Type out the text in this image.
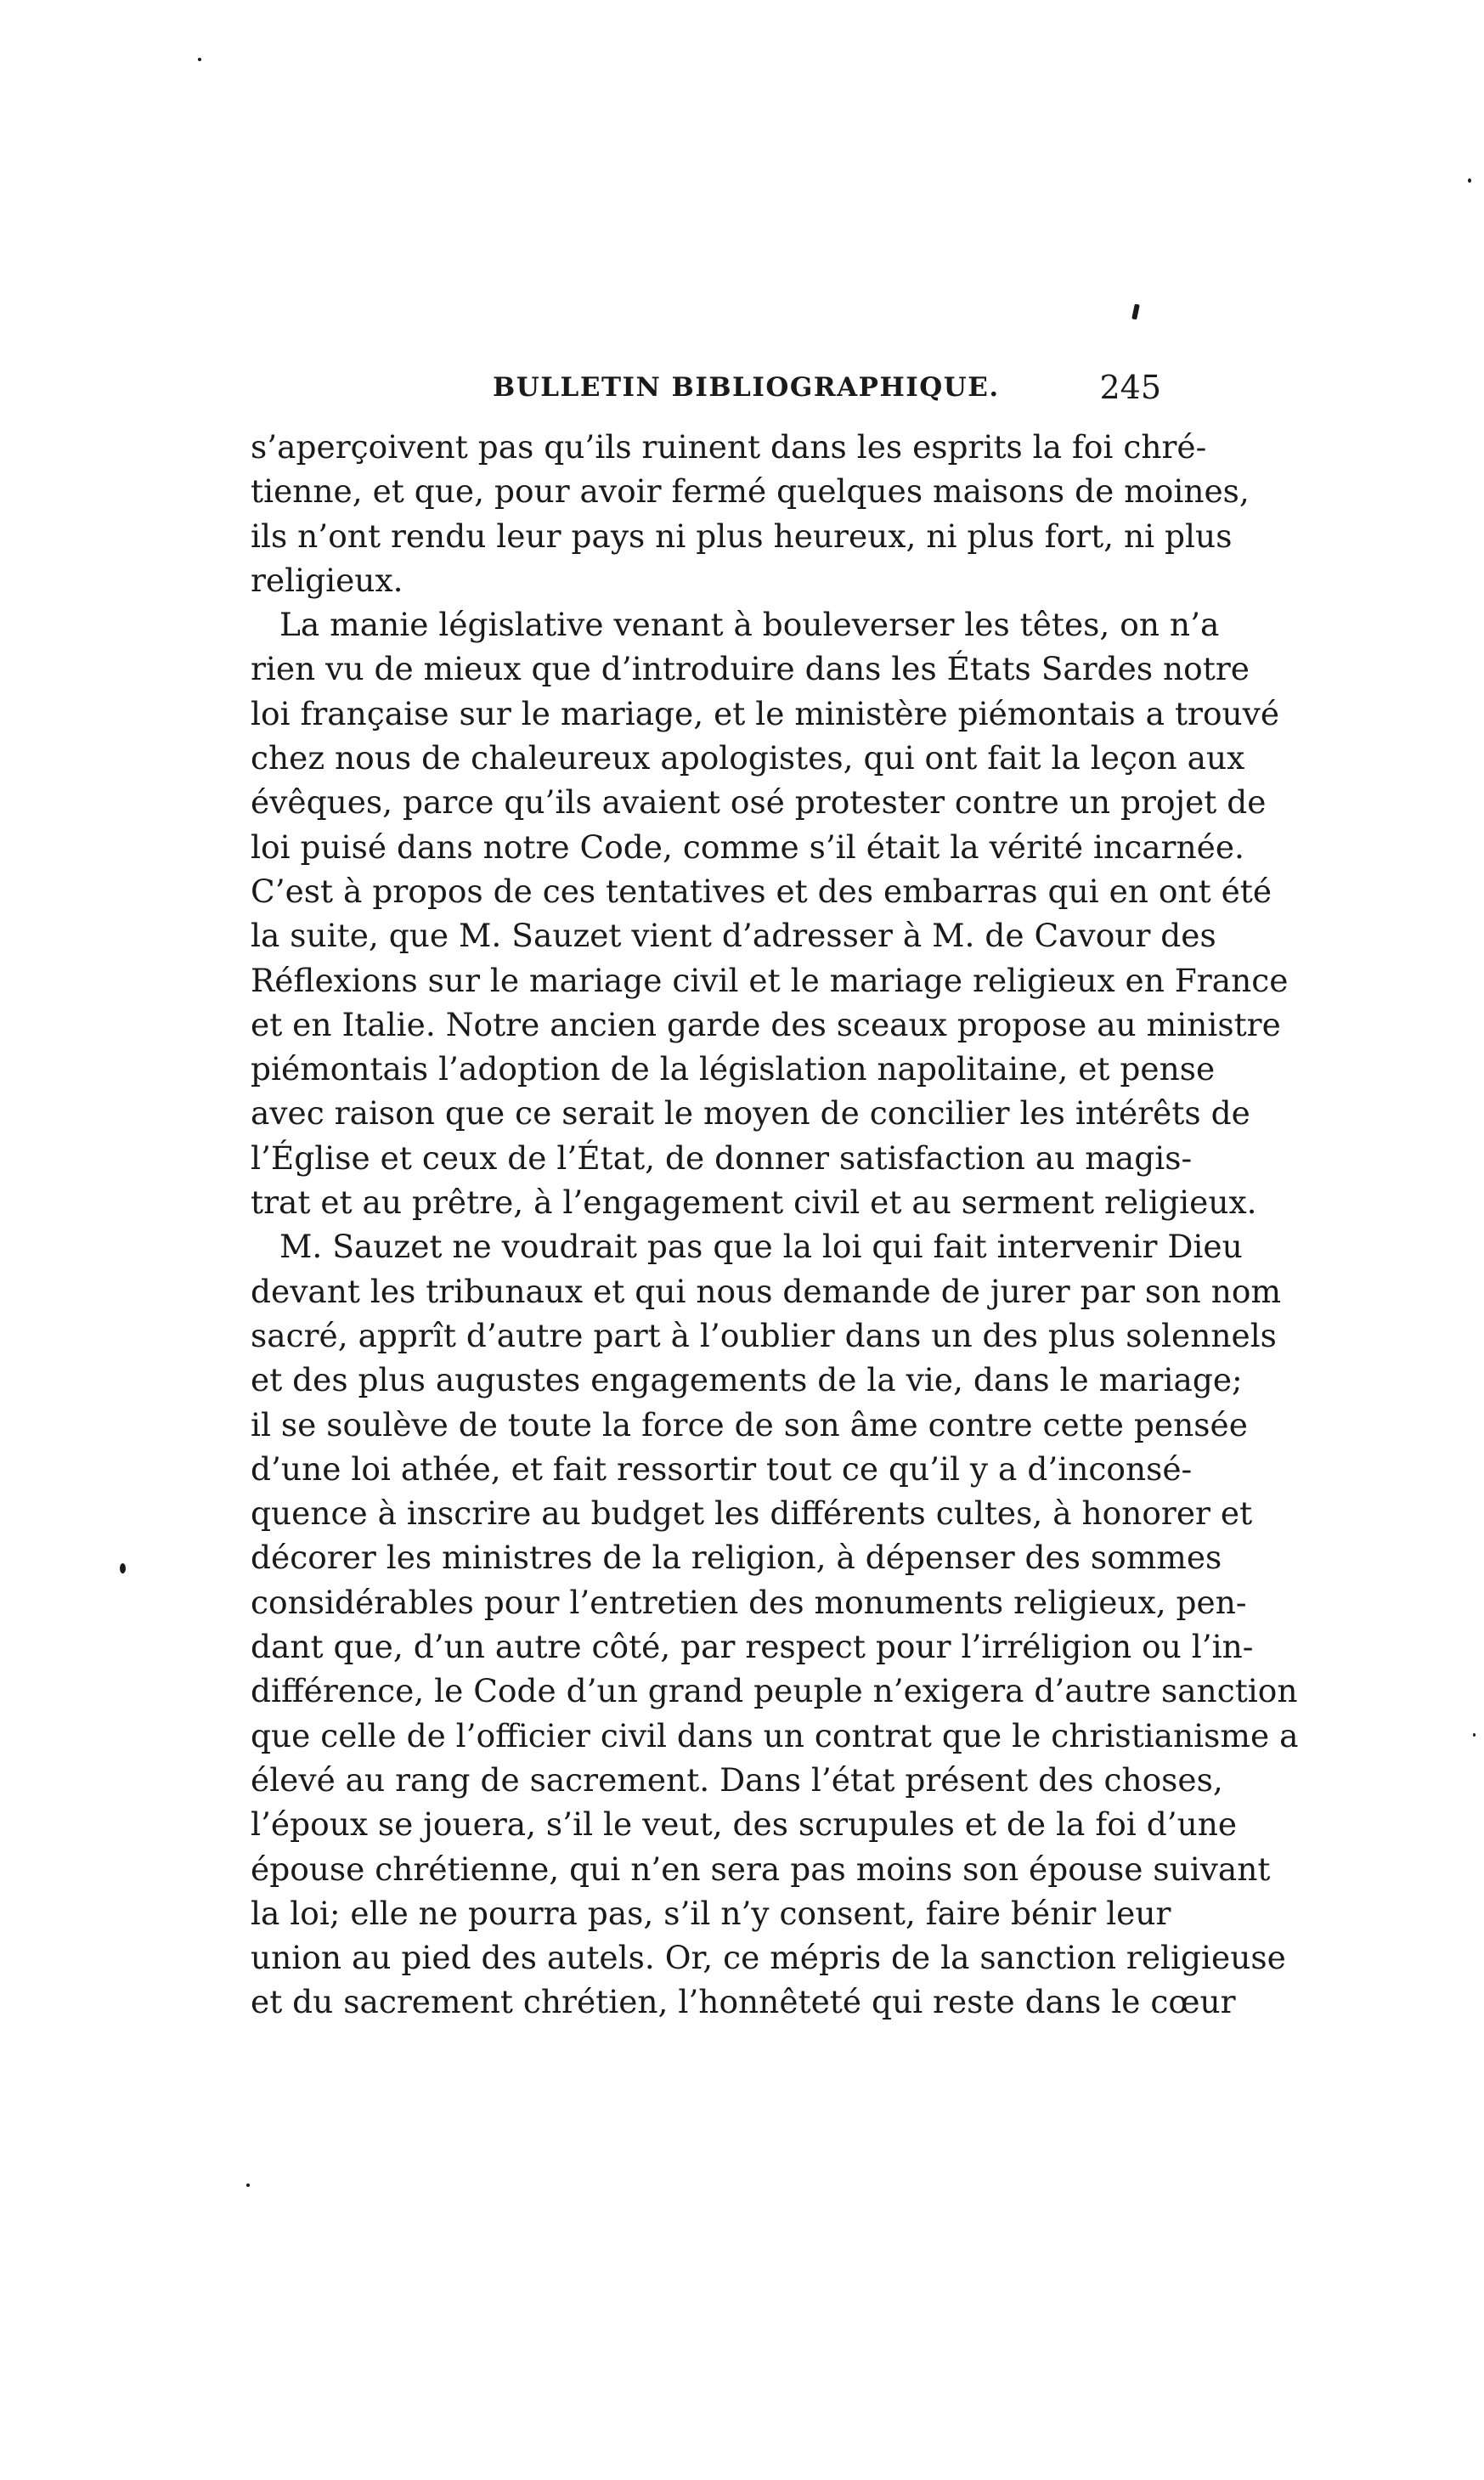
BULLETIN BIBLIOGRAPHIQUE.	245
s’aperçoivent pas qu’ils ruinent dans les esprits la foi chré-
tienne, et que, pour avoir fermé quelques maisons de moines,
ils n’ont rendu leur pays ni plus heureux, ni plus fort, ni plus
religieux.
La manie législative venant à bouleverser les têtes, on n’a
rien vu de mieux que d’introduire dans les États Sardes notre
loi française sur le mariage, et le ministère piémontais a trouvé
chez nous de chaleureux apologistes, qui ont fait la leçon aux
évêques, parce qu’ils avaient osé protester contre un projet de
loi puisé dans notre Code, comme s’il était la vérité incarnée.
C’est à propos de ces tentatives et des embarras qui en ont été
la suite, que M. Sauzet vient d’adresser à M. de Cavour des
Réflexions sur le mariage civil et le mariage religieux en France
et en Italie. Notre ancien garde des sceaux propose au ministre
piémontais l’adoption de la législation napolitaine, et pense
avec raison que ce serait le moyen de concilier les intérêts de
l’Église et ceux de l’État, de donner satisfaction au magis-
trat et au prêtre, à l’engagement civil et au serment religieux.
M. Sauzet ne voudrait pas que la loi qui fait intervenir Dieu
devant les tribunaux et qui nous demande de jurer par son nom
sacré, apprît d’autre part à l’oublier dans un des plus solennels
et des plus augustes engagements de la vie, dans le mariage;
il se soulève de toute la force de son âme contre cette pensée
d’une loi athée, et fait ressortir tout ce qu’il y a d’inconsé-
quence à inscrire au budget les différents cultes, à honorer et
décorer les ministres de la religion, à dépenser des sommes
considérables pour l’entretien des monuments religieux, pen-
dant que, d’un autre côté, par respect pour l’irréligion ou l’in-
différence, le Code d’un grand peuple n’exigera d’autre sanction
que celle de l’officier civil dans un contrat que le christianisme a
élevé au rang de sacrement. Dans l’état présent des choses,
l’époux se jouera, s’il le veut, des scrupules et de la foi d’une
épouse chrétienne, qui n’en sera pas moins son épouse suivant
la loi; elle ne pourra pas, s’il n’y consent, faire bénir leur
union au pied des autels. Or, ce mépris de la sanction religieuse
et du sacrement chrétien, l’honnêteté qui reste dans le cœur
